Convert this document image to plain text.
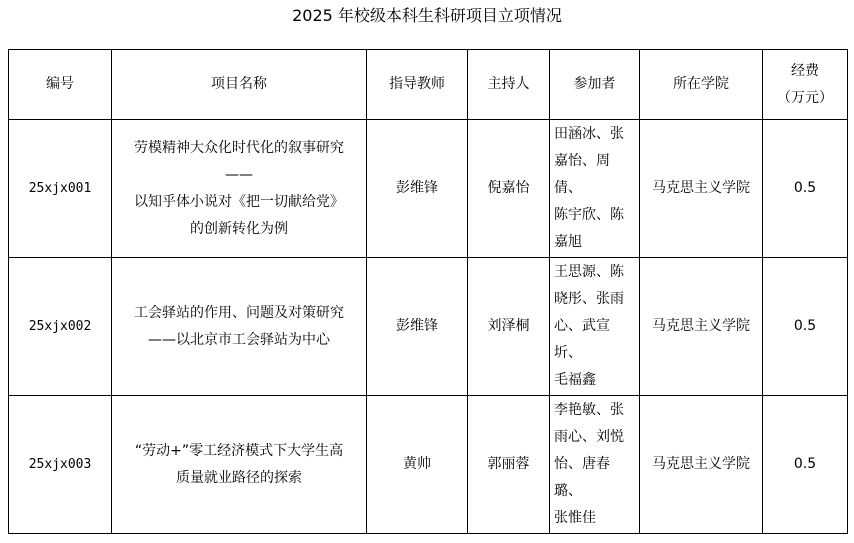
2025 年校级本科生科研项目立项情况
编号	项目名称	指导教师	主持人	参加者	所在学院	经费
（万元）

25xjx001	劳模精神大众化时代化的叙事研究
——
以知乎体小说对《把一切献给党》
的创新转化为例	彭维锋	倪嘉怡	田涵冰、张
嘉怡、周倩、
陈宇欣、陈
嘉旭	马克思主义学院	0.5
25xjx002	工会驿站的作用、问题及对策研究
——以北京市工会驿站为中心	彭维锋	刘泽桐	王思源、陈
晓彤、张雨
心、武宣圻、
毛福鑫	马克思主义学院	0.5
25xjx003	“劳动+”零工经济模式下大学生高
质量就业路径的探索	黄帅	郭丽蓉	李艳敏、张
雨心、刘悦
怡、唐春璐、
张惟佳	马克思主义学院	0.5
